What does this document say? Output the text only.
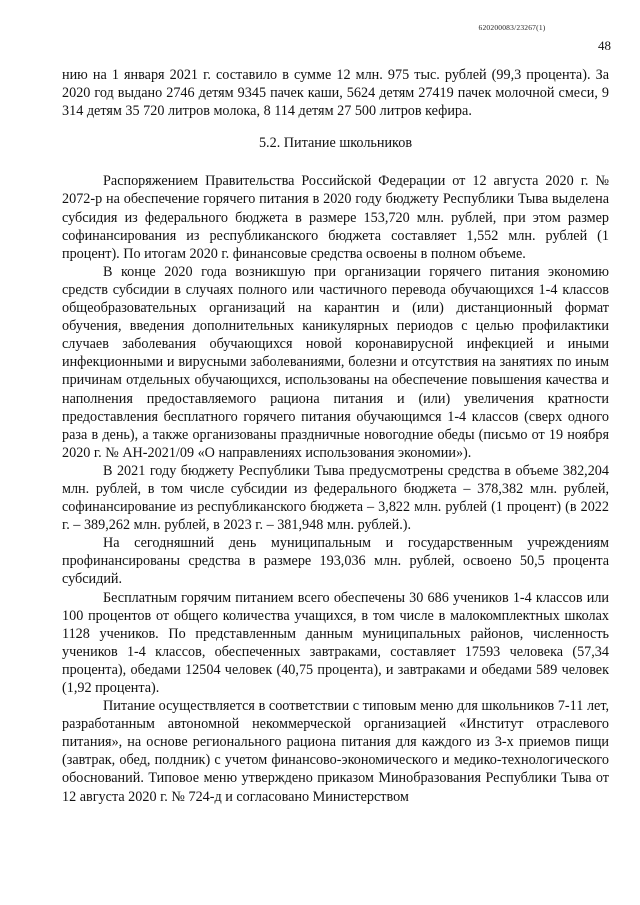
620200083/23267(1)
48

нию на 1 января 2021 г. составило в сумме 12 млн. 975 тыс. рублей (99,3 процента). За 2020 год выдано 2746 детям 9345 пачек каши, 5624 детям 27419 пачек молочной смеси, 9 314 детям 35 720 литров молока, 8 114 детям 27 500 литров кефира.

5.2. Питание школьников

Распоряжением Правительства Российской Федерации от 12 августа 2020 г. № 2072-р на обеспечение горячего питания в 2020 году бюджету Республики Тыва выделена субсидия из федерального бюджета в размере 153,720 млн. рублей, при этом размер софинансирования из республиканского бюджета составляет 1,552 млн. рублей (1 процент). По итогам 2020 г. финансовые средства освоены в полном объеме.

В конце 2020 года возникшую при организации горячего питания экономию средств субсидии в случаях полного или частичного перевода обучающихся 1-4 классов общеобразовательных организаций на карантин и (или) дистанционный формат обучения, введения дополнительных каникулярных периодов с целью профилактики случаев заболевания обучающихся новой коронавирусной инфекцией и иными инфекционными и вирусными заболеваниями, болезни и отсутствия на занятиях по иным причинам отдельных обучающихся, использованы на обеспечение повышения качества и наполнения предоставляемого рациона питания и (или) увеличения кратности предоставления бесплатного горячего питания обучающимся 1-4 классов (сверх одного раза в день), а также организованы праздничные новогодние обеды (письмо от 19 ноября 2020 г. № АН-2021/09 «О направлениях использования экономии»).

В 2021 году бюджету Республики Тыва предусмотрены средства в объеме 382,204 млн. рублей, в том числе субсидии из федерального бюджета – 378,382 млн. рублей, софинансирование из республиканского бюджета – 3,822 млн. рублей (1 процент) (в 2022 г. – 389,262 млн. рублей, в 2023 г. – 381,948 млн. рублей.).

На сегодняшний день муниципальным и государственным учреждениям профинансированы средства в размере 193,036 млн. рублей, освоено 50,5 процента субсидий.

Бесплатным горячим питанием всего обеспечены 30 686 учеников 1-4 классов или 100 процентов от общего количества учащихся, в том числе в малокомплектных школах 1128 учеников. По представленным данным муниципальных районов, численность учеников 1-4 классов, обеспеченных завтраками, составляет 17593 человека (57,34 процента), обедами 12504 человек (40,75 процента), и завтраками и обедами 589 человек (1,92 процента).

Питание осуществляется в соответствии с типовым меню для школьников 7-11 лет, разработанным автономной некоммерческой организацией «Институт отраслевого питания», на основе регионального рациона питания для каждого из 3-х приемов пищи (завтрак, обед, полдник) с учетом финансово-экономического и медико-технологического обоснований. Типовое меню утверждено приказом Минобразования Республики Тыва от 12 августа 2020 г. № 724-д и согласовано Министерством
